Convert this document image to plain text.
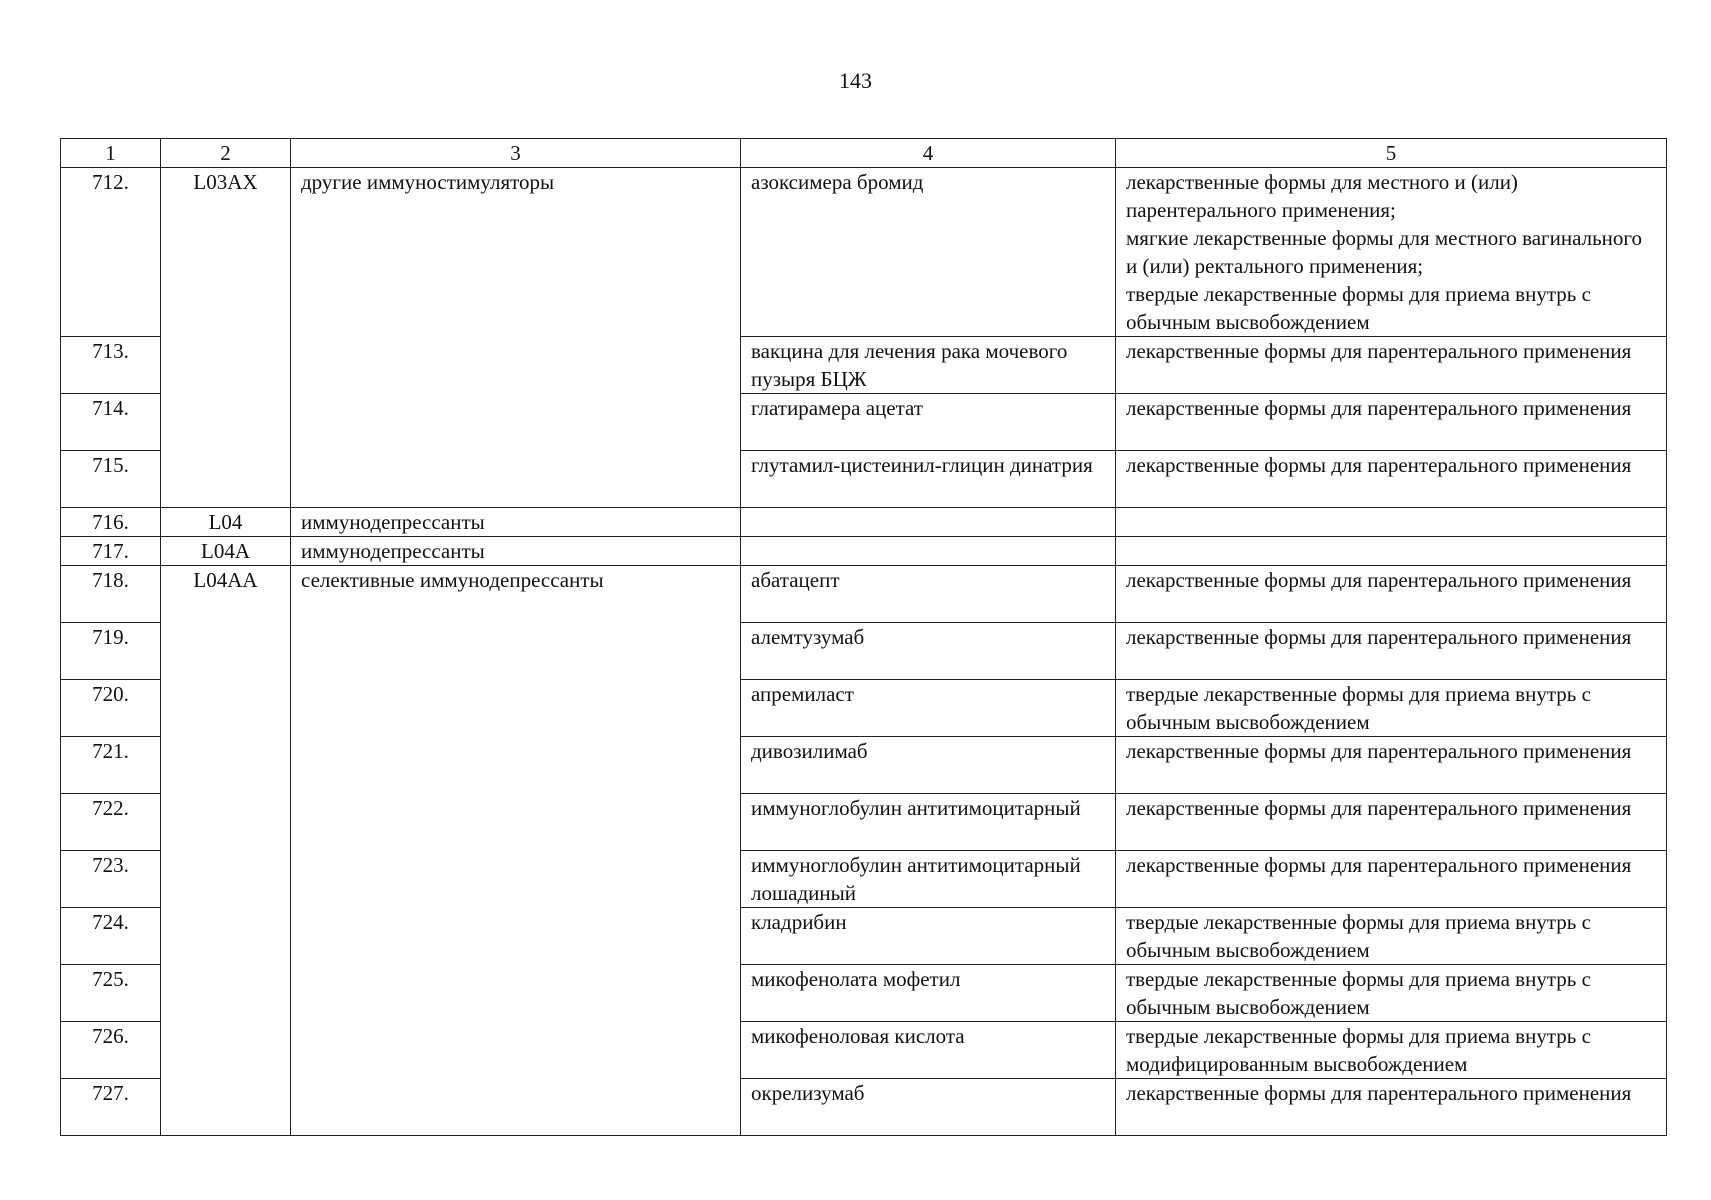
143
1	2	3	4	5
712.	L03AX	другие иммуностимуляторы	азоксимера бромид	лекарственные формы для местного и (или) парентерального применения;
мягкие лекарственные формы для местного вагинального и (или) ректального применения;
твердые лекарственные формы для приема внутрь с обычным высвобождением
713.			вакцина для лечения рака мочевого пузыря БЦЖ	лекарственные формы для парентерального применения
714.			глатирамера ацетат	лекарственные формы для парентерального применения
715.			глутамил-цистеинил-глицин динатрия	лекарственные формы для парентерального применения
716.	L04	иммунодепрессанты		
717.	L04A	иммунодепрессанты		
718.	L04AA	селективные иммунодепрессанты	абатацепт	лекарственные формы для парентерального применения
719.			алемтузумаб	лекарственные формы для парентерального применения
720.			апремиласт	твердые лекарственные формы для приема внутрь с обычным высвобождением
721.			дивозилимаб	лекарственные формы для парентерального применения
722.			иммуноглобулин антитимоцитарный	лекарственные формы для парентерального применения
723.			иммуноглобулин антитимоцитарный лошадиный	лекарственные формы для парентерального применения
724.			кладрибин	твердые лекарственные формы для приема внутрь с обычным высвобождением
725.			микофенолата мофетил	твердые лекарственные формы для приема внутрь с обычным высвобождением
726.			микофеноловая кислота	твердые лекарственные формы для приема внутрь с модифицированным высвобождением
727.			окрелизумаб	лекарственные формы для парентерального применения
